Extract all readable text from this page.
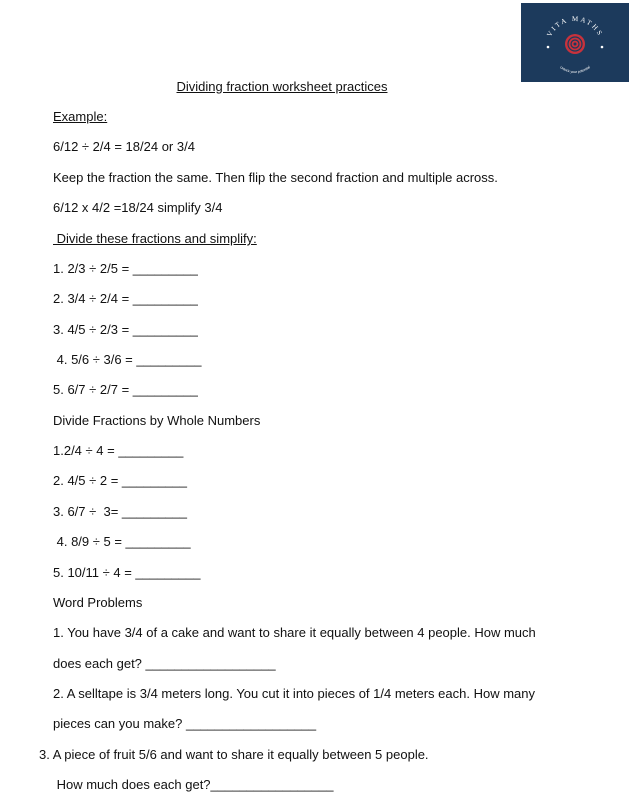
VITA MATHS
Unlock your potential
Dividing fraction worksheet practices
Example:
6/12 ÷ 2/4 = 18/24 or 3/4
Keep the fraction the same. Then flip the second fraction and multiple across.
6/12 x 4/2 =18/24 simplify 3/4
Divide these fractions and simplify:
1. 2/3 ÷ 2/5 = _________
2. 3/4 ÷ 2/4 = _________
3. 4/5 ÷ 2/3 = _________
4. 5/6 ÷ 3/6 = _________
5. 6/7 ÷ 2/7 = _________
Divide Fractions by Whole Numbers
1.2/4 ÷ 4 = _________
2. 4/5 ÷ 2 = _________
3. 6/7 ÷  3= _________
4. 8/9 ÷ 5 = _________
5. 10/11 ÷ 4 = _________
Word Problems
1. You have 3/4 of a cake and want to share it equally between 4 people. How much
does each get? __________________
2. A selltape is 3/4 meters long. You cut it into pieces of 1/4 meters each. How many
pieces can you make? __________________
3. A piece of fruit 5/6 and want to share it equally between 5 people.
How much does each get?_________________
